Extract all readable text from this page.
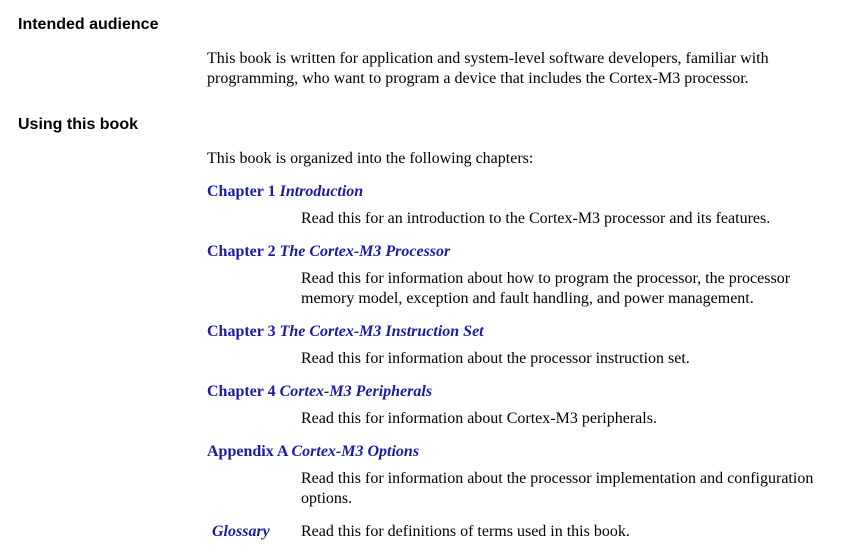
Intended audience

This book is written for application and system-level software developers, familiar with programming, who want to program a device that includes the Cortex-M3 processor.

Using this book

This book is organized into the following chapters:

Chapter 1 Introduction

Read this for an introduction to the Cortex-M3 processor and its features.

Chapter 2 The Cortex-M3 Processor

Read this for information about how to program the processor, the processor memory model, exception and fault handling, and power management.

Chapter 3 The Cortex-M3 Instruction Set

Read this for information about the processor instruction set.

Chapter 4 Cortex-M3 Peripherals

Read this for information about Cortex-M3 peripherals.

Appendix A Cortex-M3 Options

Read this for information about the processor implementation and configuration options.

Glossary Read this for definitions of terms used in this book.
